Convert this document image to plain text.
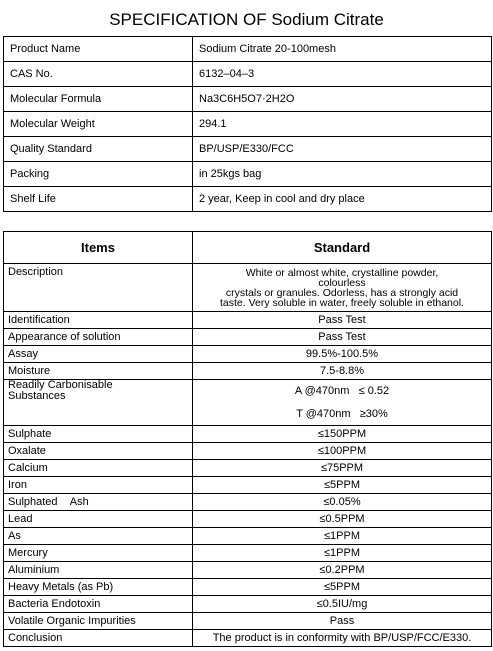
SPECIFICATION OF Sodium Citrate
Product Name	Sodium Citrate 20-100mesh
CAS No.	6132–04–3
Molecular Formula	Na3C6H5O7·2H2O
Molecular Weight	294.1
Quality Standard	BP/USP/E330/FCC
Packing	in 25kgs bag
Shelf Life	2 year, Keep in cool and dry place
Items	Standard
Description	White or almost white, crystalline powder,
colourless
crystals or granules. Odorless, has a strongly acid
taste. Very soluble in water, freely soluble in ethanol.

Identification	Pass Test
Appearance of solution	Pass Test
Assay	99.5%-100.5%
Moisture	7.5-8.8%

Readily Carbonisable
Substances	A @470nm   ≤ 0.52
T @470nm   ≥30%

Sulphate	≤150PPM
Oxalate	≤100PPM
Calcium	≤75PPM
Iron	≤5PPM
Sulphated    Ash	≤0.05%
Lead	≤0.5PPM
As	≤1PPM
Mercury	≤1PPM
Aluminium	≤0.2PPM
Heavy Metals (as Pb)	≤5PPM
Bacteria Endotoxin	≤0.5IU/mg
Volatile Organic Impurities	Pass
Conclusion	The product is in conformity with BP/USP/FCC/E330.
